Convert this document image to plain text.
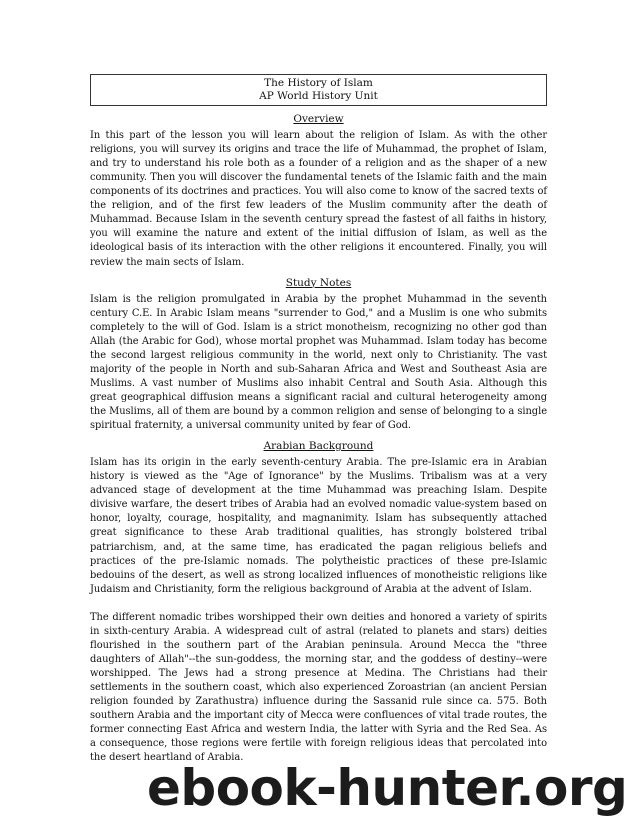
The History of Islam
AP World History Unit
Overview

In this part of the lesson you will learn about the religion of Islam. As with the other religions, you will survey its origins and trace the life of Muhammad, the prophet of Islam, and try to understand his role both as a founder of a religion and as the shaper of a new community. Then you will discover the fundamental tenets of the Islamic faith and the main components of its doctrines and practices. You will also come to know of the sacred texts of the religion, and of the first few leaders of the Muslim community after the death of Muhammad. Because Islam in the seventh century spread the fastest of all faiths in history, you will examine the nature and extent of the initial diffusion of Islam, as well as the ideological basis of its interaction with the other religions it encountered. Finally, you will review the main sects of Islam.

Study Notes

Islam is the religion promulgated in Arabia by the prophet Muhammad in the seventh century C.E. In Arabic Islam means "surrender to God," and a Muslim is one who submits completely to the will of God. Islam is a strict monotheism, recognizing no other god than Allah (the Arabic for God), whose mortal prophet was Muhammad. Islam today has become the second largest religious community in the world, next only to Christianity. The vast majority of the people in North and sub-Saharan Africa and West and Southeast Asia are Muslims. A vast number of Muslims also inhabit Central and South Asia. Although this great geographical diffusion means a significant racial and cultural heterogeneity among the Muslims, all of them are bound by a common religion and sense of belonging to a single spiritual fraternity, a universal community united by fear of God.

Arabian Background

Islam has its origin in the early seventh-century Arabia. The pre-Islamic era in Arabian history is viewed as the "Age of Ignorance" by the Muslims. Tribalism was at a very advanced stage of development at the time Muhammad was preaching Islam. Despite divisive warfare, the desert tribes of Arabia had an evolved nomadic value-system based on honor, loyalty, courage, hospitality, and magnanimity. Islam has subsequently attached great significance to these Arab traditional qualities, has strongly bolstered tribal patriarchism, and, at the same time, has eradicated the pagan religious beliefs and practices of the pre-Islamic nomads. The polytheistic practices of these pre-Islamic bedouins of the desert, as well as strong localized influences of monotheistic religions like Judaism and Christianity, form the religious background of Arabia at the advent of Islam.

The different nomadic tribes worshipped their own deities and honored a variety of spirits in sixth-century Arabia. A widespread cult of astral (related to planets and stars) deities flourished in the southern part of the Arabian peninsula. Around Mecca the "three daughters of Allah"--the sun-goddess, the morning star, and the goddess of destiny--were worshipped. The Jews had a strong presence at Medina. The Christians had their settlements in the southern coast, which also experienced Zoroastrian (an ancient Persian religion founded by Zarathustra) influence during the Sassanid rule since ca. 575. Both southern Arabia and the important city of Mecca were confluences of vital trade routes, the former connecting East Africa and western India, the latter with Syria and the Red Sea. As a consequence, those regions were fertile with foreign religious ideas that percolated into the desert heartland of Arabia.

ebook-hunter.org
